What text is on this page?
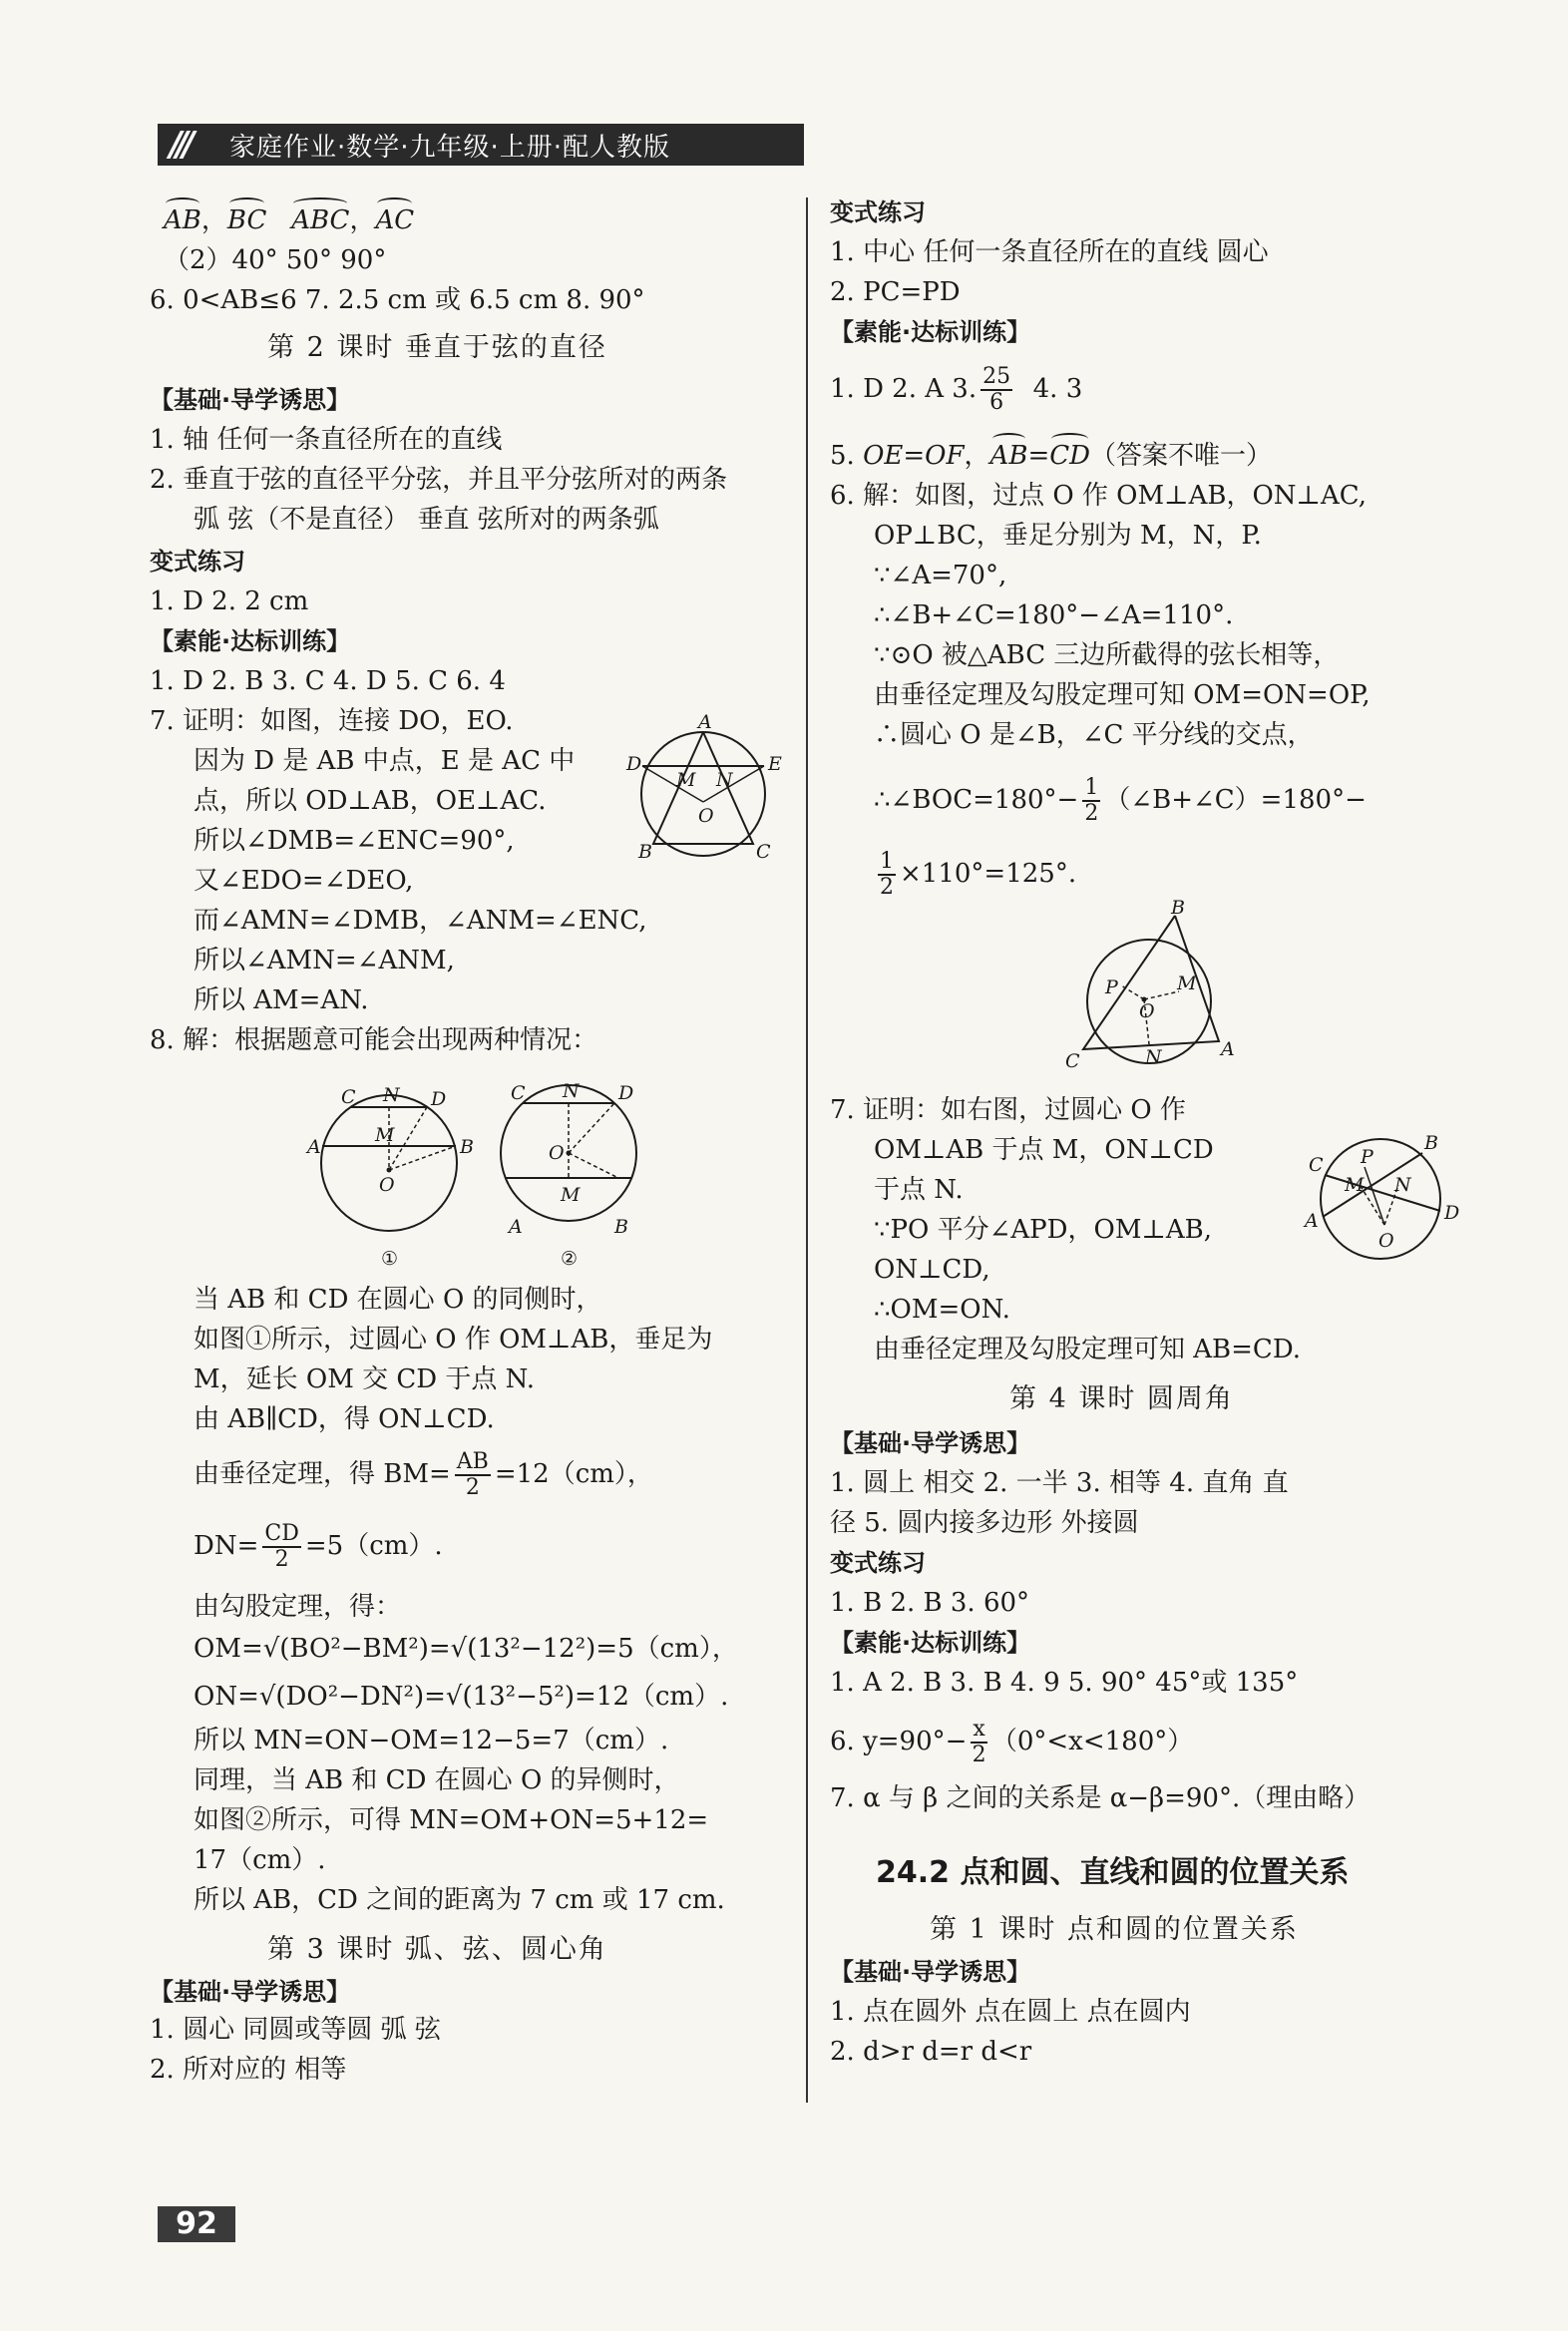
///	家庭作业·数学·九年级·上册·配人教版
AB，BC ABC，AC
（2）40° 50° 90°
6. 0<AB≤6 7. 2.5 cm 或 6.5 cm 8. 90°
第 2 课时 垂直于弦的直径
【基础·导学诱思】
1. 轴 任何一条直径所在的直线
2. 垂直于弦的直径平分弦，并且平分弦所对的两条
弧 弦（不是直径） 垂直 弦所对的两条弧
变式练习
1. D 2. 2 cm
【素能·达标训练】
1. D 2. B 3. C 4. D 5. C 6. 4
7. 证明：如图，连接 DO，EO.
因为 D 是 AB 中点，E 是 AC 中
点，所以 OD⊥AB，OE⊥AC.
所以∠DMB=∠ENC=90°,
又∠EDO=∠DEO,
而∠AMN=∠DMB，∠ANM=∠ENC,
所以∠AMN=∠ANM,
所以 AM=AN.
8. 解：根据题意可能会出现两种情况：
C N D
A
M
B
O
C N D
O
M
A	B
①	②
A
D	E
M N
O
B	C
当 AB 和 CD 在圆心 O 的同侧时，
如图①所示，过圆心 O 作 OM⊥AB，垂足为
M，延长 OM 交 CD 于点 N.
由 AB∥CD，得 ON⊥CD.
由垂径定理，得 $BM= \frac{AB}{2} =12(cm)$，
$DN= \frac{CD}{2} =5(cm)$.
由勾股定理，得：
OM=√(BO²−BM²)=√(13²−12²)=5（cm），
ON=√(DO²−DN²)=√(13²−5²)=12（cm）.
所以 MN=ON−OM=12−5=7（cm）.
同理，当 AB 和 CD 在圆心 O 的异侧时，
如图②所示，可得 MN=OM+ON=5+12=
17（cm）.
所以 AB，CD 之间的距离为 7 cm 或 17 cm.
第 3 课时 弧、弦、圆心角
【基础·导学诱思】
1. 圆心 同圆或等圆 弧 弦
2. 所对应的 相等
变式练习
1. 中心 任何一条直径所在的直线 圆心
2. PC=PD
【素能·达标训练】
1. D 2. A 3. $\frac{25}{6} 4$. 3
5. OE=OF，AB=CD（答案不唯一）
6. 解：如图，过点 O 作 OM⊥AB，ON⊥AC,
OP⊥BC，垂足分别为 M，N，P.
∵∠A=70°,
∴∠B+∠C=180°−∠A=110°.
∵⊙O 被△ABC 三边所截得的弦长相等，
由垂径定理及勾股定理可知 OM=ON=OP,
∴圆心 O 是∠B，∠C 平分线的交点，
∴∠BOC=180°− $\frac{1}{2}$ （∠B+∠C）=180°−
$\frac{1}{2} \times 110^\circ=125^\circ$.
B
P
O
M
C	N	A
7. 证明：如右图，过圆心 O 作
OM⊥AB 于点 M，ON⊥CD
于点 N.
∵PO 平分∠APD，OM⊥AB,
ON⊥CD,
∴OM=ON.
由垂径定理及勾股定理可知 AB=CD.
C P
B
M N
A
O
D
第 4 课时 圆周角
【基础·导学诱思】
1. 圆上 相交 2. 一半 3. 相等 4. 直角 直
径 5. 圆内接多边形 外接圆
变式练习
1. B 2. B 3. 60°
【素能·达标训练】
1. A 2. B 3. B 4. 9 5. 90° 45°或 135°
6. $y=90^\circ- \frac{x}{2} (0^\circ<x<180^\circ)$
7. α 与 β 之间的关系是 α−β=90°.（理由略）
24.2 点和圆、直线和圆的位置关系
第 1 课时 点和圆的位置关系
【基础·导学诱思】
1. 点在圆外 点在圆上 点在圆内
2. d>r d=r d<r
92
